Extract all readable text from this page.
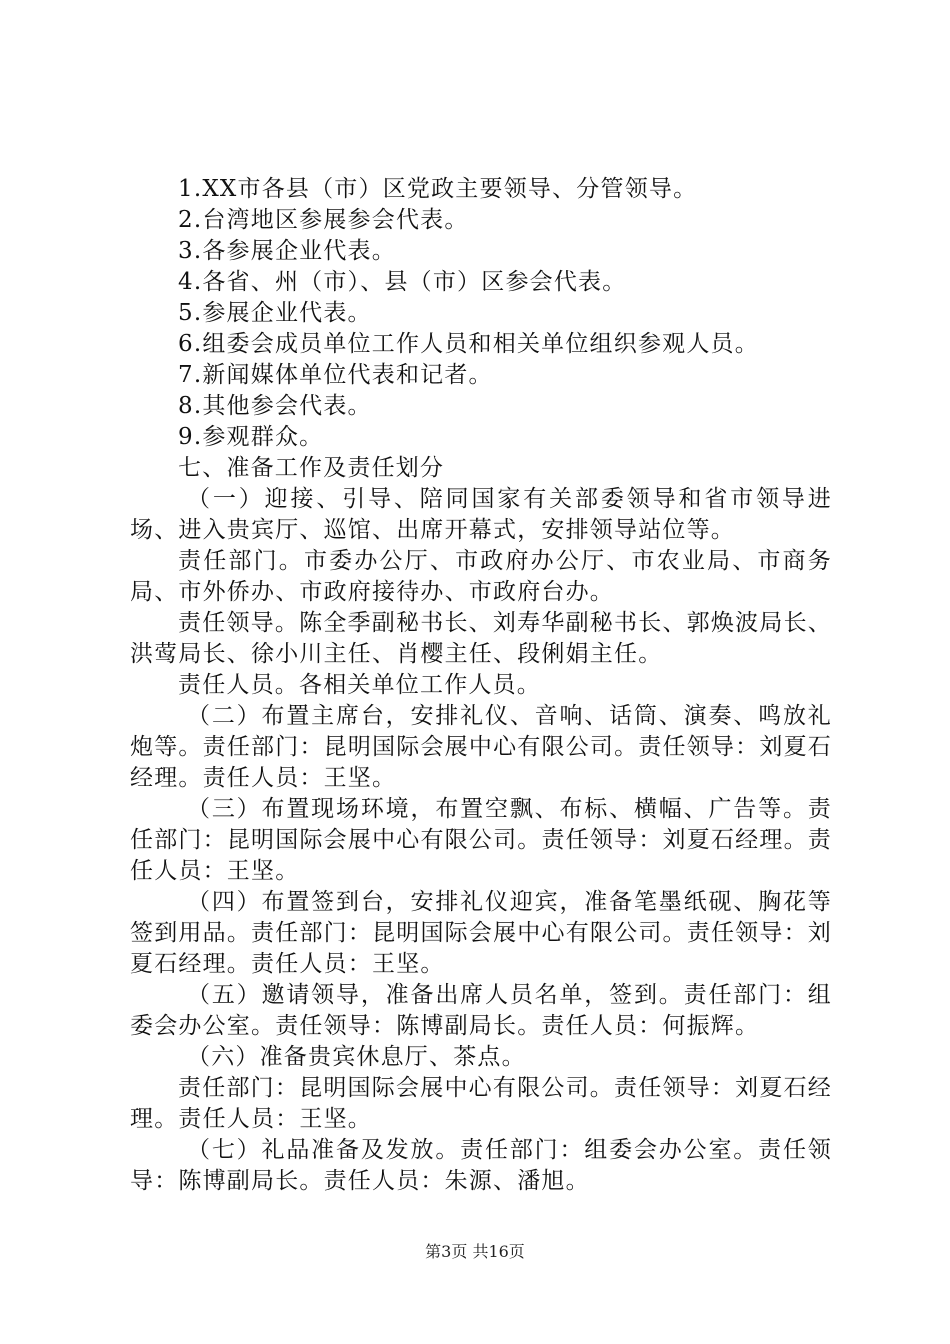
1.XX市各县（市）区党政主要领导、分管领导。

2.台湾地区参展参会代表。

3.各参展企业代表。

4.各省、州（市）、县（市）区参会代表。

5.参展企业代表。

6.组委会成员单位工作人员和相关单位组织参观人员。

7.新闻媒体单位代表和记者。

8.其他参会代表。

9.参观群众。

七、准备工作及责任划分

（一）迎接、引导、陪同国家有关部委领导和省市领导进场、进入贵宾厅、巡馆、出席开幕式，安排领导站位等。

责任部门。市委办公厅、市政府办公厅、市农业局、市商务局、市外侨办、市政府接待办、市政府台办。

责任领导。陈全季副秘书长、刘寿华副秘书长、郭焕波局长、洪莺局长、徐小川主任、肖樱主任、段俐娟主任。

责任人员。各相关单位工作人员。

（二）布置主席台，安排礼仪、音响、话筒、演奏、鸣放礼炮等。责任部门：昆明国际会展中心有限公司。责任领导：刘夏石经理。责任人员：王坚。

（三）布置现场环境，布置空飘、布标、横幅、广告等。责任部门：昆明国际会展中心有限公司。责任领导：刘夏石经理。责任人员：王坚。

（四）布置签到台，安排礼仪迎宾，准备笔墨纸砚、胸花等签到用品。责任部门：昆明国际会展中心有限公司。责任领导：刘夏石经理。责任人员：王坚。

（五）邀请领导，准备出席人员名单，签到。责任部门：组委会办公室。责任领导：陈博副局长。责任人员：何振辉。

（六）准备贵宾休息厅、茶点。

责任部门：昆明国际会展中心有限公司。责任领导：刘夏石经理。责任人员：王坚。

（七）礼品准备及发放。责任部门：组委会办公室。责任领导：陈博副局长。责任人员：朱源、潘旭。

第3页 共16页
